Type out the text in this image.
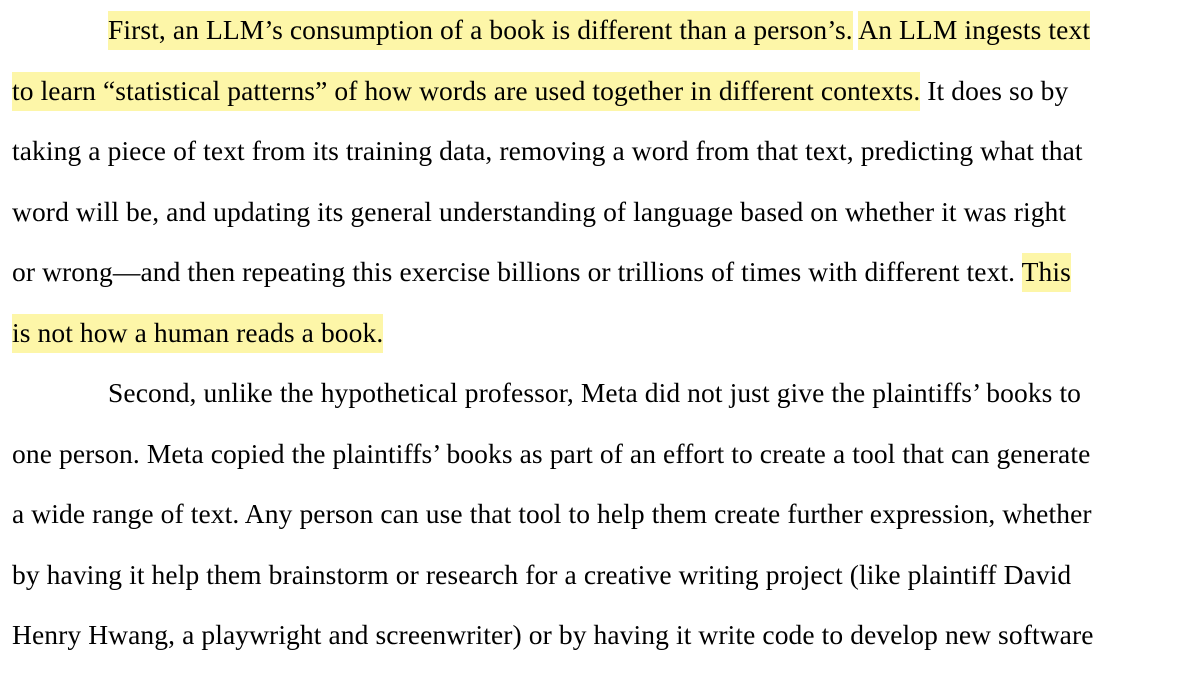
First, an LLM’s consumption of a book is different than a person’s. An LLM ingests text
to learn “statistical patterns” of how words are used together in different contexts. It does so by
taking a piece of text from its training data, removing a word from that text, predicting what that
word will be, and updating its general understanding of language based on whether it was right
or wrong—and then repeating this exercise billions or trillions of times with different text. This
is not how a human reads a book.
Second, unlike the hypothetical professor, Meta did not just give the plaintiffs’ books to
one person. Meta copied the plaintiffs’ books as part of an effort to create a tool that can generate
a wide range of text. Any person can use that tool to help them create further expression, whether
by having it help them brainstorm or research for a creative writing project (like plaintiff David
Henry Hwang, a playwright and screenwriter) or by having it write code to develop new software
